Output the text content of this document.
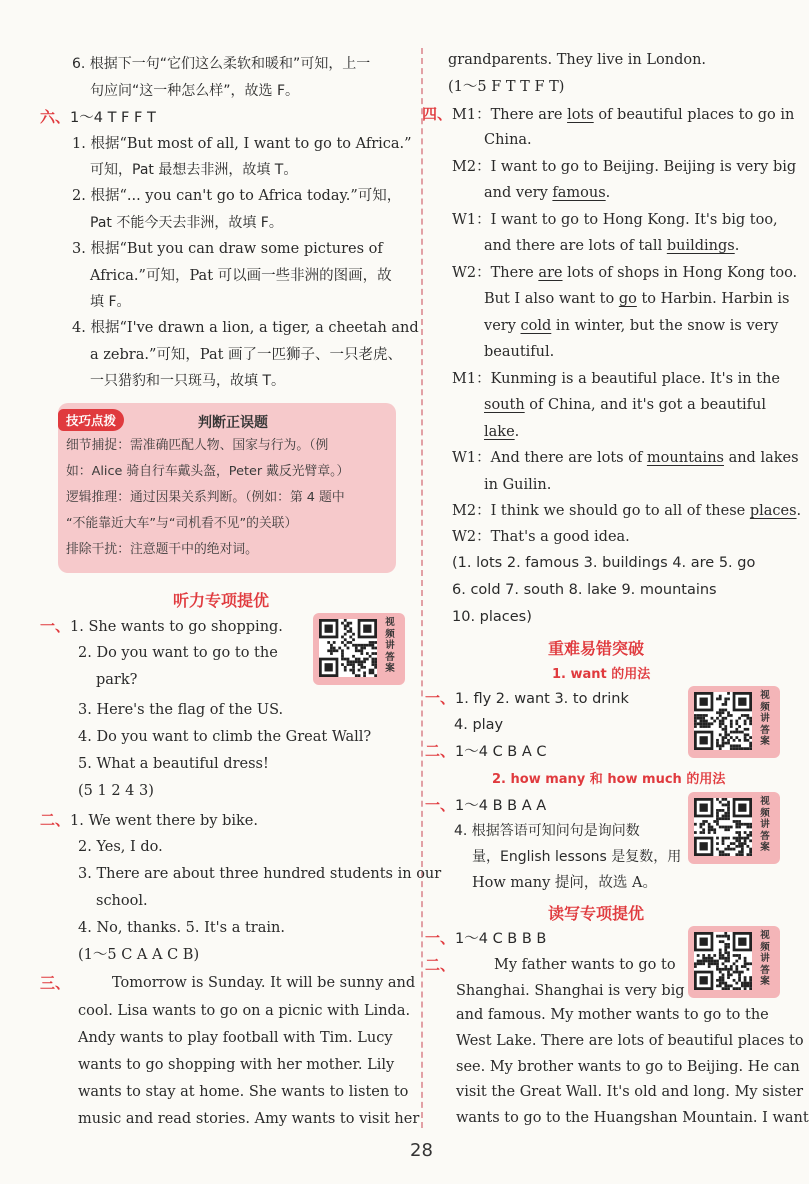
6. 根据下一句“它们这么柔软和暖和”可知，上一
句应问“这一种怎么样”，故选 F。
六、1～4 T F F T
1. 根据“But most of all, I want to go to Africa.”
可知，Pat 最想去非洲，故填 T。
2. 根据“... you can't go to Africa today.”可知，
Pat 不能今天去非洲，故填 F。
3. 根据“But you can draw some pictures of
Africa.”可知，Pat 可以画一些非洲的图画，故
填 F。
4. 根据“I've drawn a lion, a tiger, a cheetah and
a zebra.”可知，Pat 画了一匹狮子、一只老虎、
一只猎豹和一只斑马，故填 T。
技巧点拨	判断正误题
细节捕捉：需准确匹配人物、国家与行为。（例
如：Alice 骑自行车戴头盔，Peter 戴反光臂章。）
逻辑推理：通过因果关系判断。（例如：第 4 题中
“不能靠近大车”与“司机看不见”的关联）
排除干扰：注意题干中的绝对词。
听力专项提优
一、1. She wants to go shopping.
2. Do you want to go to the
park?
3. Here's the flag of the US.
4. Do you want to climb the Great Wall?
5. What a beautiful dress!
(5 1 2 4 3)
二、1. We went there by bike.
2. Yes, I do.
3. There are about three hundred students in our
school.
4. No, thanks. 5. It's a train.
(1～5 C A A C B)
三、	Tomorrow is Sunday. It will be sunny and
cool. Lisa wants to go on a picnic with Linda.
Andy wants to play football with Tim. Lucy
wants to go shopping with her mother. Lily
wants to stay at home. She wants to listen to
music and read stories. Amy wants to visit her
视
频
讲
答
案
grandparents. They live in London.
(1～5 F T T F T)
四、M1：There are lots of beautiful places to go in
China.
M2：I want to go to Beijing. Beijing is very big
and very famous.
W1：I want to go to Hong Kong. It's big too,
and there are lots of tall buildings.
W2：There are lots of shops in Hong Kong too.
But I also want to go to Harbin. Harbin is
very cold in winter, but the snow is very
beautiful.
M1：Kunming is a beautiful place. It's in the
south of China, and it's got a beautiful
lake.
W1：And there are lots of mountains and lakes
in Guilin.
M2：I think we should go to all of these places.
W2：That's a good idea.
(1. lots 2. famous 3. buildings 4. are 5. go
6. cold 7. south 8. lake 9. mountains
10. places)
重难易错突破
1. want 的用法
一、1. fly 2. want 3. to drink
4. play
二、1～4 C B A C
2. how many 和 how much 的用法
一、1～4 B B A A
4. 根据答语可知问句是询问数
量，English lessons 是复数，用
How many 提问，故选 A。
读写专项提优
一、1～4 C B B B
二、	My father wants to go to
Shanghai. Shanghai is very big
and famous. My mother wants to go to the
West Lake. There are lots of beautiful places to
see. My brother wants to go to Beijing. He can
visit the Great Wall. It's old and long. My sister
wants to go to the Huangshan Mountain. I want
视
频
讲
答
案
视
频
讲
答
案
视
频
讲
答
案
28
